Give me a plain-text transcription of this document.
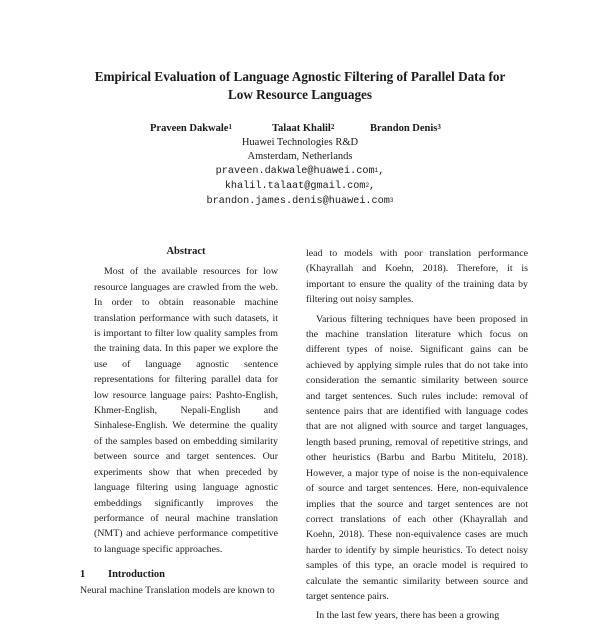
Empirical Evaluation of Language Agnostic Filtering of Parallel Data for
Low Resource Languages
Praveen Dakwale$^1$	Talaat Khalil$^2$	Brandon Denis$^3$
Huawei Technologies R&D
Amsterdam, Netherlands
praveen.dakwale@huawei.com$^1$,
khalil.talaat@gmail.com$^2$,
brandon.james.denis@huawei.com$^3$
Abstract

Most of the available resources for low resource languages are crawled from the web. In order to obtain reasonable machine translation performance with such datasets, it is important to filter low quality samples from the training data. In this paper we explore the use of language agnostic sentence representations for filtering parallel data for low resource language pairs: Pashto-English, Khmer-English, Nepali-English and Sinhalese-English. We determine the quality of the samples based on embedding similarity between source and target sentences. Our experiments show that when preceded by language filtering using language agnostic embeddings significantly improves the performance of neural machine translation (NMT) and achieve performance competitive to language specific approaches.

1 Introduction

Neural machine Translation models are known to

lead to models with poor translation performance (Khayrallah and Koehn, 2018). Therefore, it is important to ensure the quality of the training data by filtering out noisy samples.

Various filtering techniques have been proposed in the machine translation literature which focus on different types of noise. Significant gains can be achieved by applying simple rules that do not take into consideration the semantic similarity between source and target sentences. Such rules include: removal of sentence pairs that are identified with language codes that are not aligned with source and target languages, length based pruning, removal of repetitive strings, and other heuristics (Barbu and Barbu Mititelu, 2018). However, a major type of noise is the non-equivalence of source and target sentences. Here, non-equivalence implies that the source and target sentences are not correct translations of each other (Khayrallah and Koehn, 2018). These non-equivalence cases are much harder to identify by simple heuristics. To detect noisy samples of this type, an oracle model is required to calculate the semantic similarity between source and target sentence pairs.

In the last few years, there has been a growing
